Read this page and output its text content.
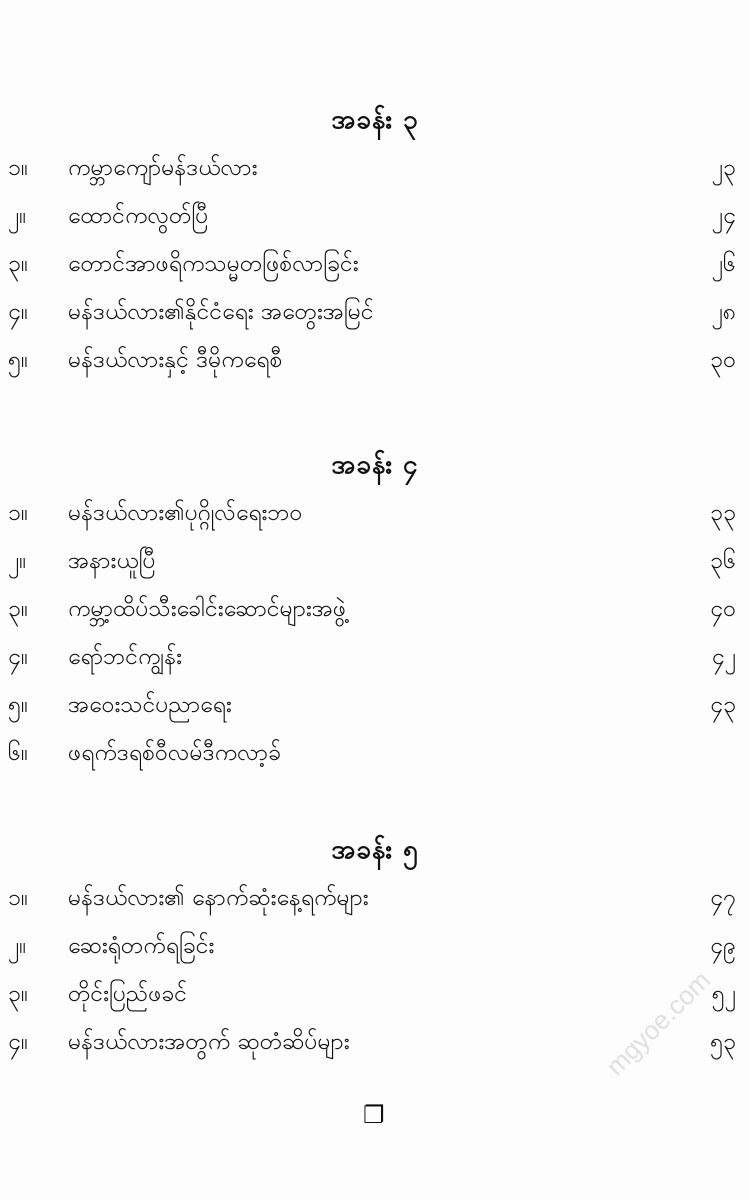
အခန်း ၃
၁။	ကမ္ဘာကျော်မန်ဒယ်လား	၂၃
၂။	ထောင်ကလွတ်ပြီ	၂၄
၃။	တောင်အာဖရိကသမ္မတဖြစ်လာခြင်း	၂၆
၄။	မန်ဒယ်လား၏နိုင်ငံရေး အတွေးအမြင်	၂၈
၅။	မန်ဒယ်လားနှင့် ဒီမိုကရေစီ	၃၀
အခန်း ၄
၁။	မန်ဒယ်လား၏ပုဂ္ဂိုလ်ရေးဘဝ	၃၃
၂။	အနားယူပြီ	၃၆
၃။	ကမ္ဘာ့ထိပ်သီးခေါင်းဆောင်များအဖွဲ့	၄၀
၄။	ရော်ဘင်ကျွန်း	၄၂
၅။	အဝေးသင်ပညာရေး	၄၃
၆။	ဖရက်ဒရစ်ဝီလမ်ဒီကလာ့ခ်
အခန်း ၅
၁။	မန်ဒယ်လား၏ နောက်ဆုံးနေ့ရက်များ	၄၇
၂။	ဆေးရုံတက်ရခြင်း	၄၉
၃။	တိုင်းပြည်ဖခင်	၅၂
၄။	မန်ဒယ်လားအတွက် ဆုတံဆိပ်များ	၅၃
❐
mgyoe.com
